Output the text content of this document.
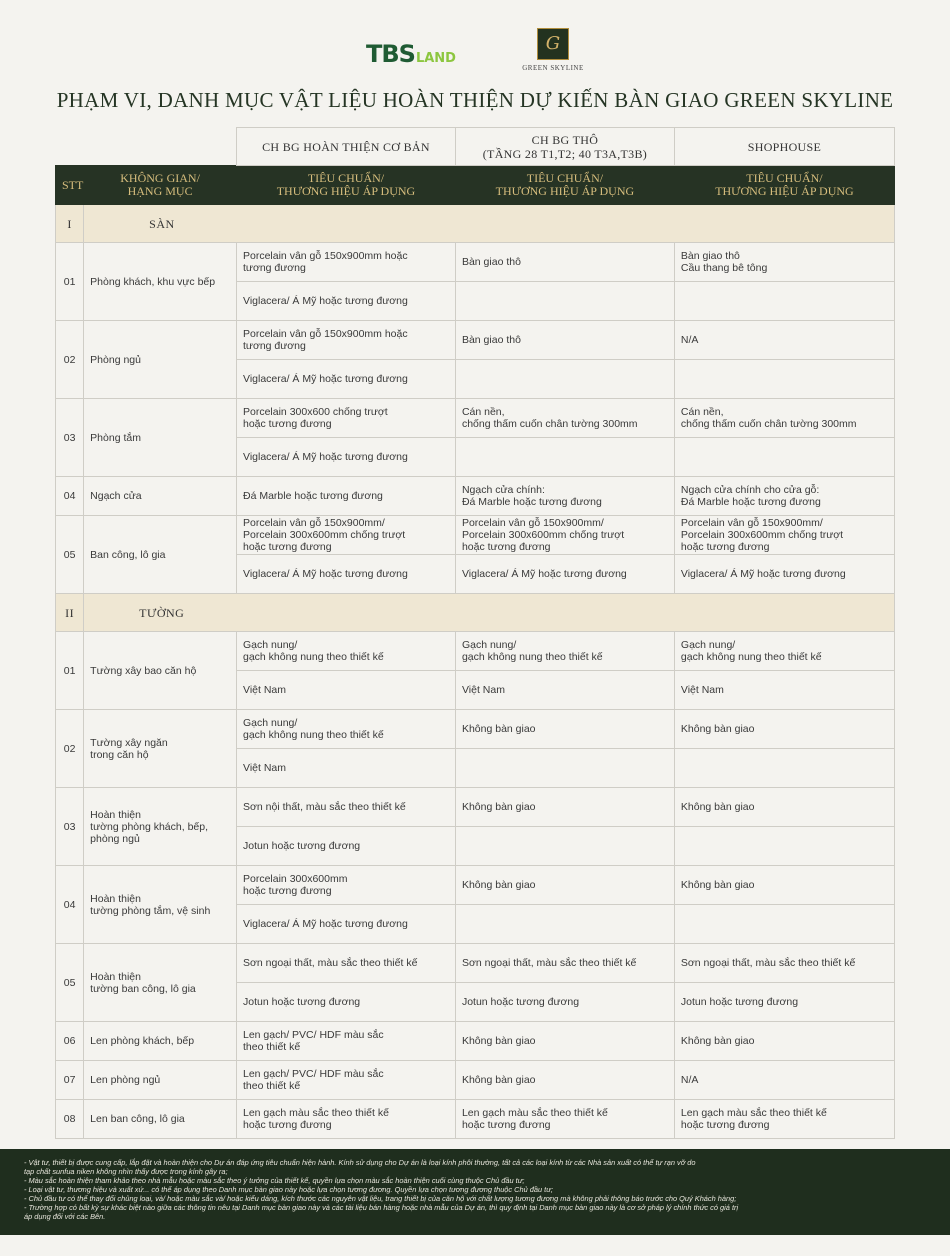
TBSLAND
G
GREEN SKYLINE
PHẠM VI, DANH MỤC VẬT LIỆU HOÀN THIỆN DỰ KIẾN BÀN GIAO GREEN SKYLINE
		CH BG HOÀN THIỆN CƠ BẢN	CH BG THÔ
(TẦNG 28 T1,T2; 40 T3A,T3B)	SHOPHOUSE
STT	KHÔNG GIAN/
HẠNG MỤC	TIÊU CHUẨN/
THƯƠNG HIỆU ÁP DỤNG	TIÊU CHUẨN/
THƯƠNG HIỆU ÁP DỤNG	TIÊU CHUẨN/
THƯƠNG HIỆU ÁP DỤNG
I	SÀN			
01	Phòng khách, khu vực bếp	Porcelain vân gỗ 150x900mm hoặc
tương đương	Bàn giao thô	Bàn giao thô
Cầu thang bê tông
		Viglacera/ Á Mỹ hoặc tương đương		
02	Phòng ngủ	Porcelain vân gỗ 150x900mm hoặc
tương đương	Bàn giao thô	N/A
		Viglacera/ Á Mỹ hoặc tương đương		
03	Phòng tắm	Porcelain 300x600 chống trượt
hoặc tương đương	Cán nền,
chống thấm cuốn chân tường 300mm	Cán nền,
chống thấm cuốn chân tường 300mm
		Viglacera/ Á Mỹ hoặc tương đương		
04	Ngạch cửa	Đá Marble hoặc tương đương	Ngạch cửa chính:
Đá Marble hoặc tương đương	Ngạch cửa chính cho cửa gỗ:
Đá Marble hoặc tương đương
05	Ban công, lô gia	Porcelain vân gỗ 150x900mm/
Porcelain 300x600mm chống trượt
hoặc tương đương	Porcelain vân gỗ 150x900mm/
Porcelain 300x600mm chống trượt
hoặc tương đương	Porcelain vân gỗ 150x900mm/
Porcelain 300x600mm chống trượt
hoặc tương đương
		Viglacera/ Á Mỹ hoặc tương đương	Viglacera/ Á Mỹ hoặc tương đương	Viglacera/ Á Mỹ hoặc tương đương
II	TƯỜNG			
01	Tường xây bao căn hộ	Gạch nung/
gạch không nung theo thiết kế	Gạch nung/
gạch không nung theo thiết kế	Gạch nung/
gạch không nung theo thiết kế
		Việt Nam	Việt Nam	Việt Nam
02	Tường xây ngăn
trong căn hộ	Gạch nung/
gạch không nung theo thiết kế	Không bàn giao	Không bàn giao
		Việt Nam		
03	Hoàn thiện
tường phòng khách, bếp,
phòng ngủ	Sơn nội thất, màu sắc theo thiết kế	Không bàn giao	Không bàn giao
		Jotun hoặc tương đương		
04	Hoàn thiện
tường phòng tắm, vệ sinh	Porcelain 300x600mm
hoặc tương đương	Không bàn giao	Không bàn giao
		Viglacera/ Á Mỹ hoặc tương đương		
05	Hoàn thiện
tường ban công, lô gia	Sơn ngoại thất, màu sắc theo thiết kế	Sơn ngoại thất, màu sắc theo thiết kế	Sơn ngoại thất, màu sắc theo thiết kế
		Jotun hoặc tương đương	Jotun hoặc tương đương	Jotun hoặc tương đương
06	Len phòng khách, bếp	Len gạch/ PVC/ HDF màu sắc
theo thiết kế	Không bàn giao	Không bàn giao
07	Len phòng ngủ	Len gạch/ PVC/ HDF màu sắc
theo thiết kế	Không bàn giao	N/A
08	Len ban công, lô gia	Len gạch màu sắc theo thiết kế
hoặc tương đương	Len gạch màu sắc theo thiết kế
hoặc tương đương	Len gạch màu sắc theo thiết kế
hoặc tương đương
- Vật tư, thiết bị được cung cấp, lắp đặt và hoàn thiện cho Dự án đáp ứng tiêu chuẩn hiện hành. Kính sử dụng cho Dự án là loại kính phôi thường, tất cả các loại kính từ các Nhà sản xuất có thể tự rạn vỡ do
tạp chất sunfua niken không nhìn thấy được trong kính gây ra;
- Màu sắc hoàn thiện tham khảo theo nhà mẫu hoặc màu sắc theo ý tưởng của thiết kế, quyền lựa chọn màu sắc hoàn thiện cuối cùng thuộc Chủ đầu tư;
- Loại vật tư, thương hiệu và xuất xứ... có thể áp dụng theo Danh mục bàn giao này hoặc lựa chọn tương đương. Quyền lựa chọn tương đương thuộc Chủ đầu tư;
- Chủ đầu tư có thể thay đổi chủng loại, và/ hoặc màu sắc và/ hoặc kiểu dáng, kích thước các nguyên vật liệu, trang thiết bị của căn hộ với chất lượng tương đương mà không phải thông báo trước cho Quý Khách hàng;
- Trường hợp có bất kỳ sự khác biệt nào giữa các thông tin nêu tại Danh mục bàn giao này và các tài liệu bán hàng hoặc nhà mẫu của Dự án, thì quy định tại Danh mục bàn giao này là cơ sở pháp lý chính thức có giá trị
áp dụng đối với các Bên.
